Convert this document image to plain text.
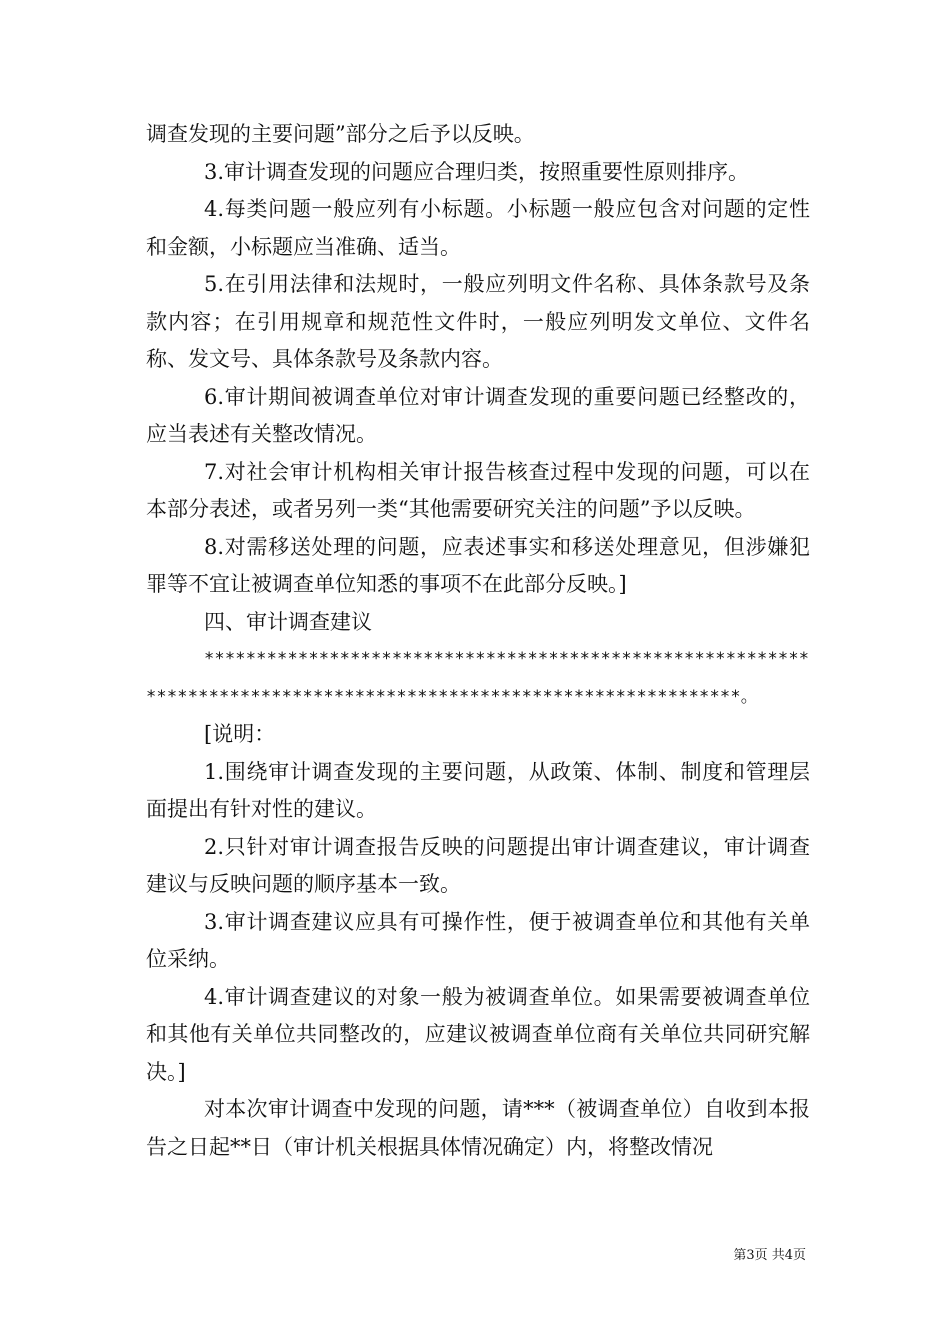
调查发现的主要问题”部分之后予以反映。

3.审计调查发现的问题应合理归类，按照重要性原则排序。

4.每类问题一般应列有小标题。小标题一般应包含对问题的定性和金额，小标题应当准确、适当。

5.在引用法律和法规时，一般应列明文件名称、具体条款号及条款内容；在引用规章和规范性文件时，一般应列明发文单位、文件名称、发文号、具体条款号及条款内容。

6.审计期间被调查单位对审计调查发现的重要问题已经整改的，应当表述有关整改情况。

7.对社会审计机构相关审计报告核查过程中发现的问题，可以在本部分表述，或者另列一类“其他需要研究关注的问题”予以反映。

8.对需移送处理的问题，应表述事实和移送处理意见，但涉嫌犯罪等不宜让被调查单位知悉的事项不在此部分反映。]

四、审计调查建议

*******************************************************************************************************************。

[说明：

1.围绕审计调查发现的主要问题，从政策、体制、制度和管理层面提出有针对性的建议。

2.只针对审计调查报告反映的问题提出审计调查建议，审计调查建议与反映问题的顺序基本一致。

3.审计调查建议应具有可操作性，便于被调查单位和其他有关单位采纳。

4.审计调查建议的对象一般为被调查单位。如果需要被调查单位和其他有关单位共同整改的，应建议被调查单位商有关单位共同研究解决。]

对本次审计调查中发现的问题，请***（被调查单位）自收到本报告之日起**日（审计机关根据具体情况确定）内，将整改情况

第3页 共4页
